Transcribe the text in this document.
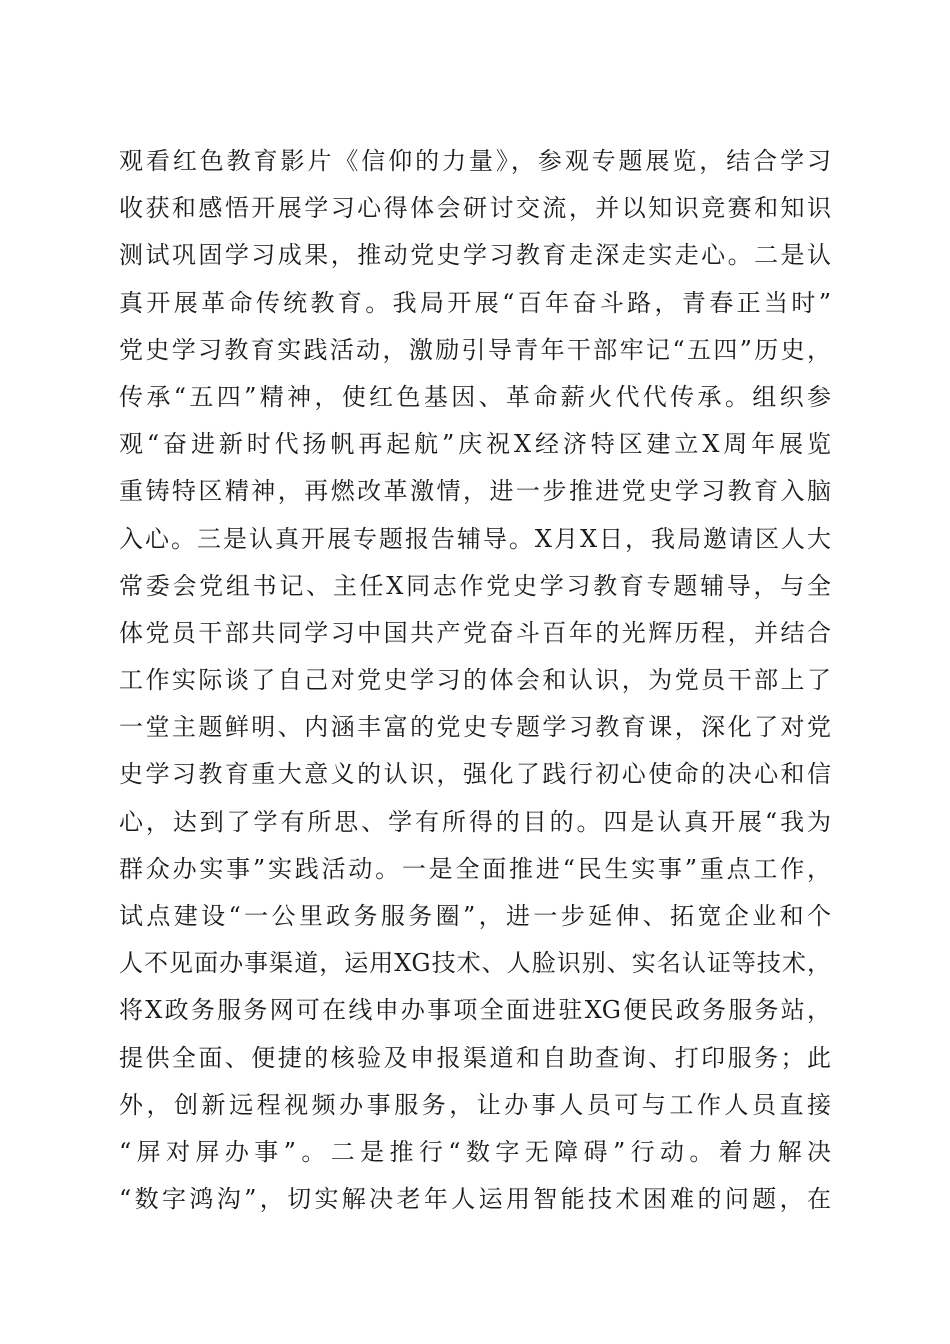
观看红色教育影片《信仰的力量》，参观专题展览，结合学习
收获和感悟开展学习心得体会研讨交流，并以知识竞赛和知识
测试巩固学习成果，推动党史学习教育走深走实走心。二是认
真开展革命传统教育。我局开展“百年奋斗路，青春正当时”
党史学习教育实践活动，激励引导青年干部牢记“五四”历史，
传承“五四”精神，使红色基因、革命薪火代代传承。组织参
观“奋进新时代扬帆再起航”庆祝X经济特区建立X周年展览
重铸特区精神，再燃改革激情，进一步推进党史学习教育入脑
入心。三是认真开展专题报告辅导。X月X日，我局邀请区人大
常委会党组书记、主任X同志作党史学习教育专题辅导，与全
体党员干部共同学习中国共产党奋斗百年的光辉历程，并结合
工作实际谈了自己对党史学习的体会和认识，为党员干部上了
一堂主题鲜明、内涵丰富的党史专题学习教育课，深化了对党
史学习教育重大意义的认识，强化了践行初心使命的决心和信
心，达到了学有所思、学有所得的目的。四是认真开展“我为
群众办实事”实践活动。一是全面推进“民生实事”重点工作，
试点建设“一公里政务服务圈”，进一步延伸、拓宽企业和个
人不见面办事渠道，运用XG技术、人脸识别、实名认证等技术，
将X政务服务网可在线申办事项全面进驻XG便民政务服务站，
提供全面、便捷的核验及申报渠道和自助查询、打印服务；此
外，创新远程视频办事服务，让办事人员可与工作人员直接
“屏对屏办事”。二是推行“数字无障碍”行动。着力解决
“数字鸿沟”，切实解决老年人运用智能技术困难的问题，在
